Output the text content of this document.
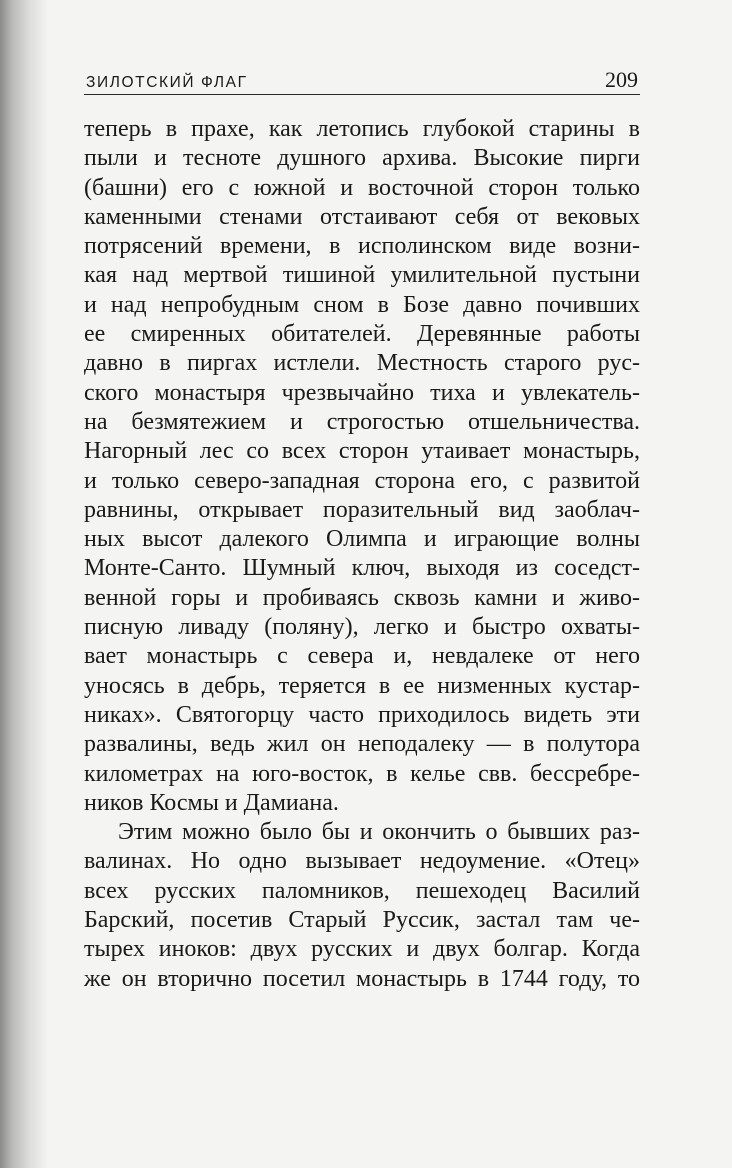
ЗИЛОТСКИЙ ФЛАГ	209

теперь в прахе, как летопись глубокой старины в

пыли и тесноте душного архива. Высокие пирги

(башни) его с южной и восточной сторон только

каменными стенами отстаивают себя от вековых

потрясений времени, в исполинском виде возни-

кая над мертвой тишиной умилительной пустыни

и над непробудным сном в Бозе давно почивших

ее смиренных обитателей. Деревянные работы

давно в пиргах истлели. Местность старого рус-

ского монастыря чрезвычайно тиха и увлекатель-

на безмятежием и строгостью отшельничества.

Нагорный лес со всех сторон утаивает монастырь,

и только северо-западная сторона его, с развитой

равнины, открывает поразительный вид заоблач-

ных высот далекого Олимпа и играющие волны

Монте-Санто. Шумный ключ, выходя из соседст-

венной горы и пробиваясь сквозь камни и живо-

писную ливаду (поляну), легко и быстро охваты-

вает монастырь с севера и, невдалеке от него

уносясь в дебрь, теряется в ее низменных кустар-

никах». Святогорцу часто приходилось видеть эти

развалины, ведь жил он неподалеку — в полутора

километрах на юго-восток, в келье свв. бессребре-

ников Космы и Дамиана.

Этим можно было бы и окончить о бывших раз-

валинах. Но одно вызывает недоумение. «Отец»

всех русских паломников, пешеходец Василий

Барский, посетив Старый Руссик, застал там че-

тырех иноков: двух русских и двух болгар. Когда

же он вторично посетил монастырь в 1744 году, то
